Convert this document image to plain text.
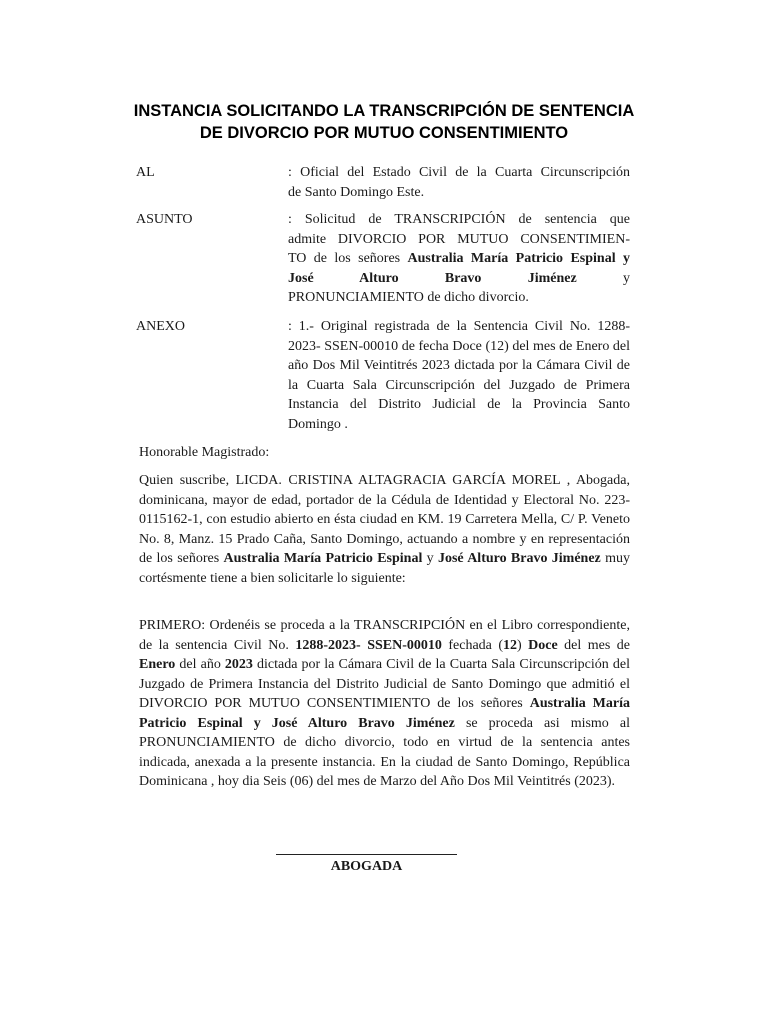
INSTANCIA SOLICITANDO LA TRANSCRIPCIÓN DE SENTENCIA
DE DIVORCIO POR MUTUO CONSENTIMIENTO

AL	: Oficial del Estado Civil de la Cuarta Circunscripción
de Santo Domingo Este.

ASUNTO	: Solicitud de TRANSCRIPCIÓN de sentencia que
admite DIVORCIO POR MUTUO CONSENTIMIEN-
TO de los señores Australia María Patricio Espinal y
José Alturo Bravo Jiménez y
PRONUNCIAMIENTO de dicho divorcio.

ANEXO	: 1.- Original registrada de la Sentencia Civil No. 1288-2023- SSEN-00010 de fecha Doce (12) del mes de Enero del año Dos Mil Veintitrés 2023 dictada por la Cámara Civil de la Cuarta Sala Circunscripción del Juzgado de Primera Instancia del Distrito Judicial de la Provincia Santo Domingo .

Honorable Magistrado:

Quien suscribe, LICDA. CRISTINA ALTAGRACIA GARCÍA MOREL , Abogada, dominicana, mayor de edad, portador de la Cédula de Identidad y Electoral No. 223-0115162-1, con estudio abierto en ésta ciudad en KM. 19 Carretera Mella, C/ P. Veneto No. 8, Manz. 15 Prado Caña, Santo Domingo, actuando a nombre y en representación de los señores Australia María Patricio Espinal y José Alturo Bravo Jiménez muy cortésmente tiene a bien solicitarle lo siguiente:

PRIMERO: Ordenéis se proceda a la TRANSCRIPCIÓN en el Libro correspondiente, de la sentencia Civil No. 1288-2023- SSEN-00010 fechada (12) Doce del mes de Enero del año 2023 dictada por la Cámara Civil de la Cuarta Sala Circunscripción del Juzgado de Primera Instancia del Distrito Judicial de Santo Domingo que admitió el DIVORCIO POR MUTUO CONSENTIMIENTO de los señores Australia María Patricio Espinal y José Alturo Bravo Jiménez se proceda asi mismo al PRONUNCIAMIENTO de dicho divorcio, todo en virtud de la sentencia antes indicada, anexada a la presente instancia. En la ciudad de Santo Domingo, República Dominicana , hoy dia Seis (06) del mes de Marzo del Año Dos Mil Veintitrés (2023).

ABOGADA
